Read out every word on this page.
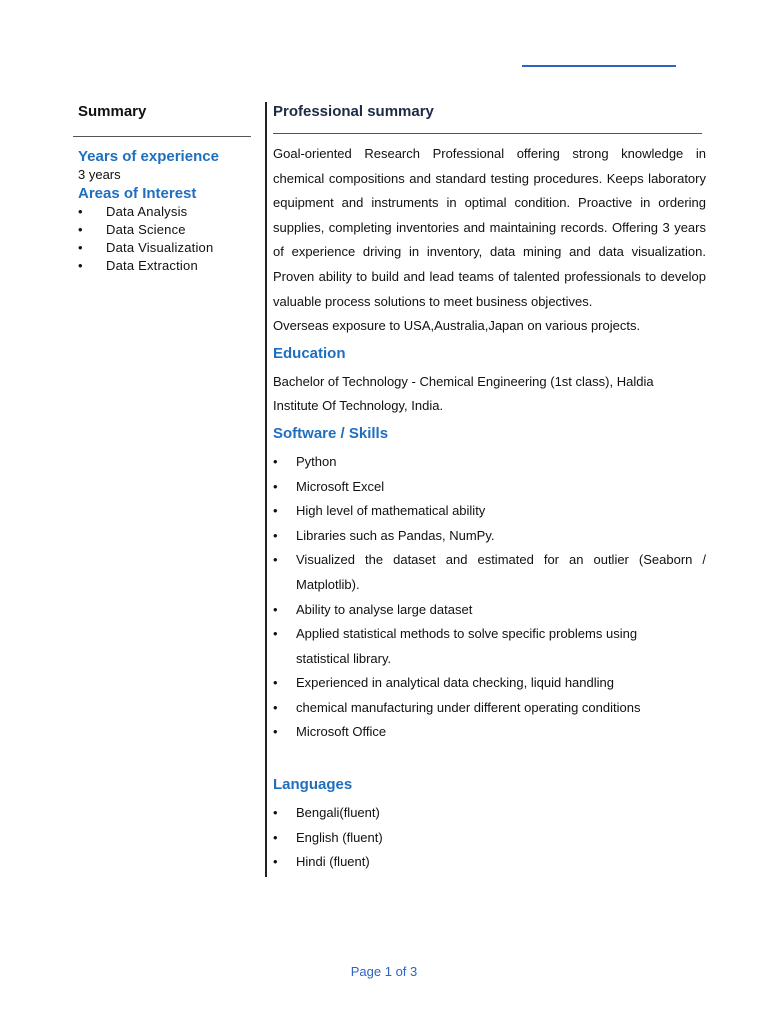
Summary
Years of experience
3 years
Areas of Interest
• Data Analysis
• Data Science
• Data Visualization
• Data Extraction
Professional summary

Goal-oriented Research Professional offering strong knowledge in chemical compositions and standard testing procedures. Keeps laboratory equipment and instruments in optimal condition. Proactive in ordering supplies, completing inventories and maintaining records. Offering 3 years of experience driving in inventory, data mining and data visualization. Proven ability to build and lead teams of talented professionals to develop valuable process solutions to meet business objectives.

Overseas exposure to USA,Australia,Japan on various projects.

Education
Bachelor of Technology - Chemical Engineering (1st class), Haldia Institute Of Technology, India.
Software / Skills
• Python
• Microsoft Excel
• High level of mathematical ability
• Libraries such as Pandas, NumPy.
• Visualized the dataset and estimated for an outlier (Seaborn / Matplotlib).
• Ability to analyse large dataset
• Applied statistical methods to solve specific problems using statistical library.
• Experienced in analytical data checking, liquid handling
• chemical manufacturing under different operating conditions
• Microsoft Office
Languages
• Bengali(fluent)
• English (fluent)
• Hindi (fluent)
Page 1 of 3
